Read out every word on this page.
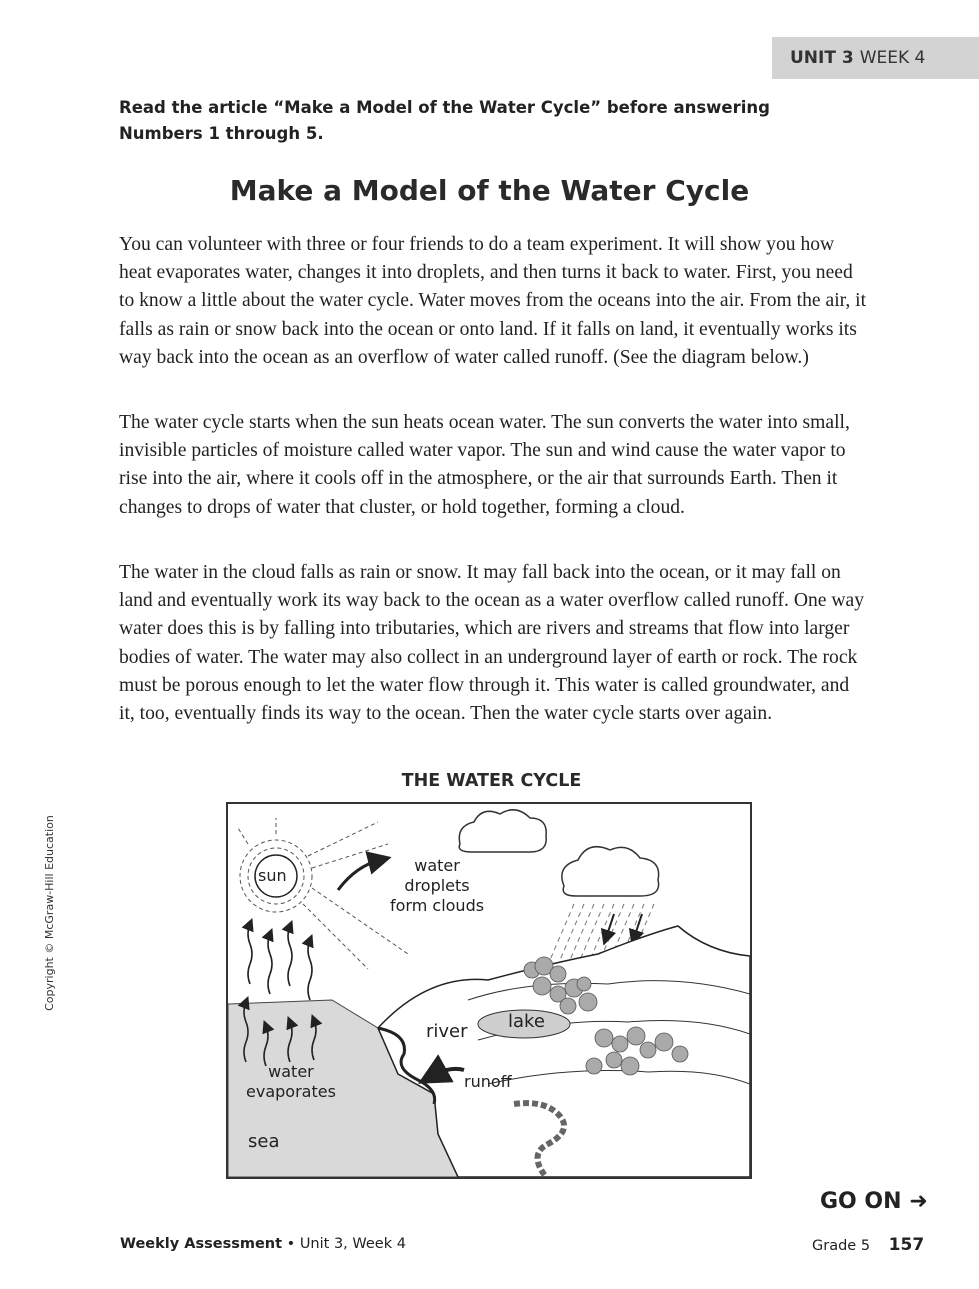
UNIT 3 WEEK 4
Read the article “Make a Model of the Water Cycle” before answering Numbers 1 through 5.
Make a Model of the Water Cycle

You can volunteer with three or four friends to do a team experiment. It will show you how heat evaporates water, changes it into droplets, and then turns it back to water. First, you need to know a little about the water cycle. Water moves from the oceans into the air. From the air, it falls as rain or snow back into the ocean or onto land. If it falls on land, it eventually works its way back into the ocean as an overflow of water called runoff. (See the diagram below.)

The water cycle starts when the sun heats ocean water. The sun converts the water into small, invisible particles of moisture called water vapor. The sun and wind cause the water vapor to rise into the air, where it cools off in the atmosphere, or the air that surrounds Earth. Then it changes to drops of water that cluster, or hold together, forming a cloud.

The water in the cloud falls as rain or snow. It may fall back into the ocean, or it may fall on land and eventually work its way back to the ocean as a water overflow called runoff. One way water does this is by falling into tributaries, which are rivers and streams that flow into larger bodies of water. The water may also collect in an underground layer of earth or rock. The rock must be porous enough to let the water flow through it. This water is called groundwater, and it, too, eventually finds its way to the ocean. Then the water cycle starts over again.

THE WATER CYCLE
sun
water
droplets
form clouds
river lake
runoff
water
evaporates
sea
Copyright © McGraw-Hill Education
GO ON ➜
Weekly Assessment • Unit 3, Week 4	Grade 5 157
